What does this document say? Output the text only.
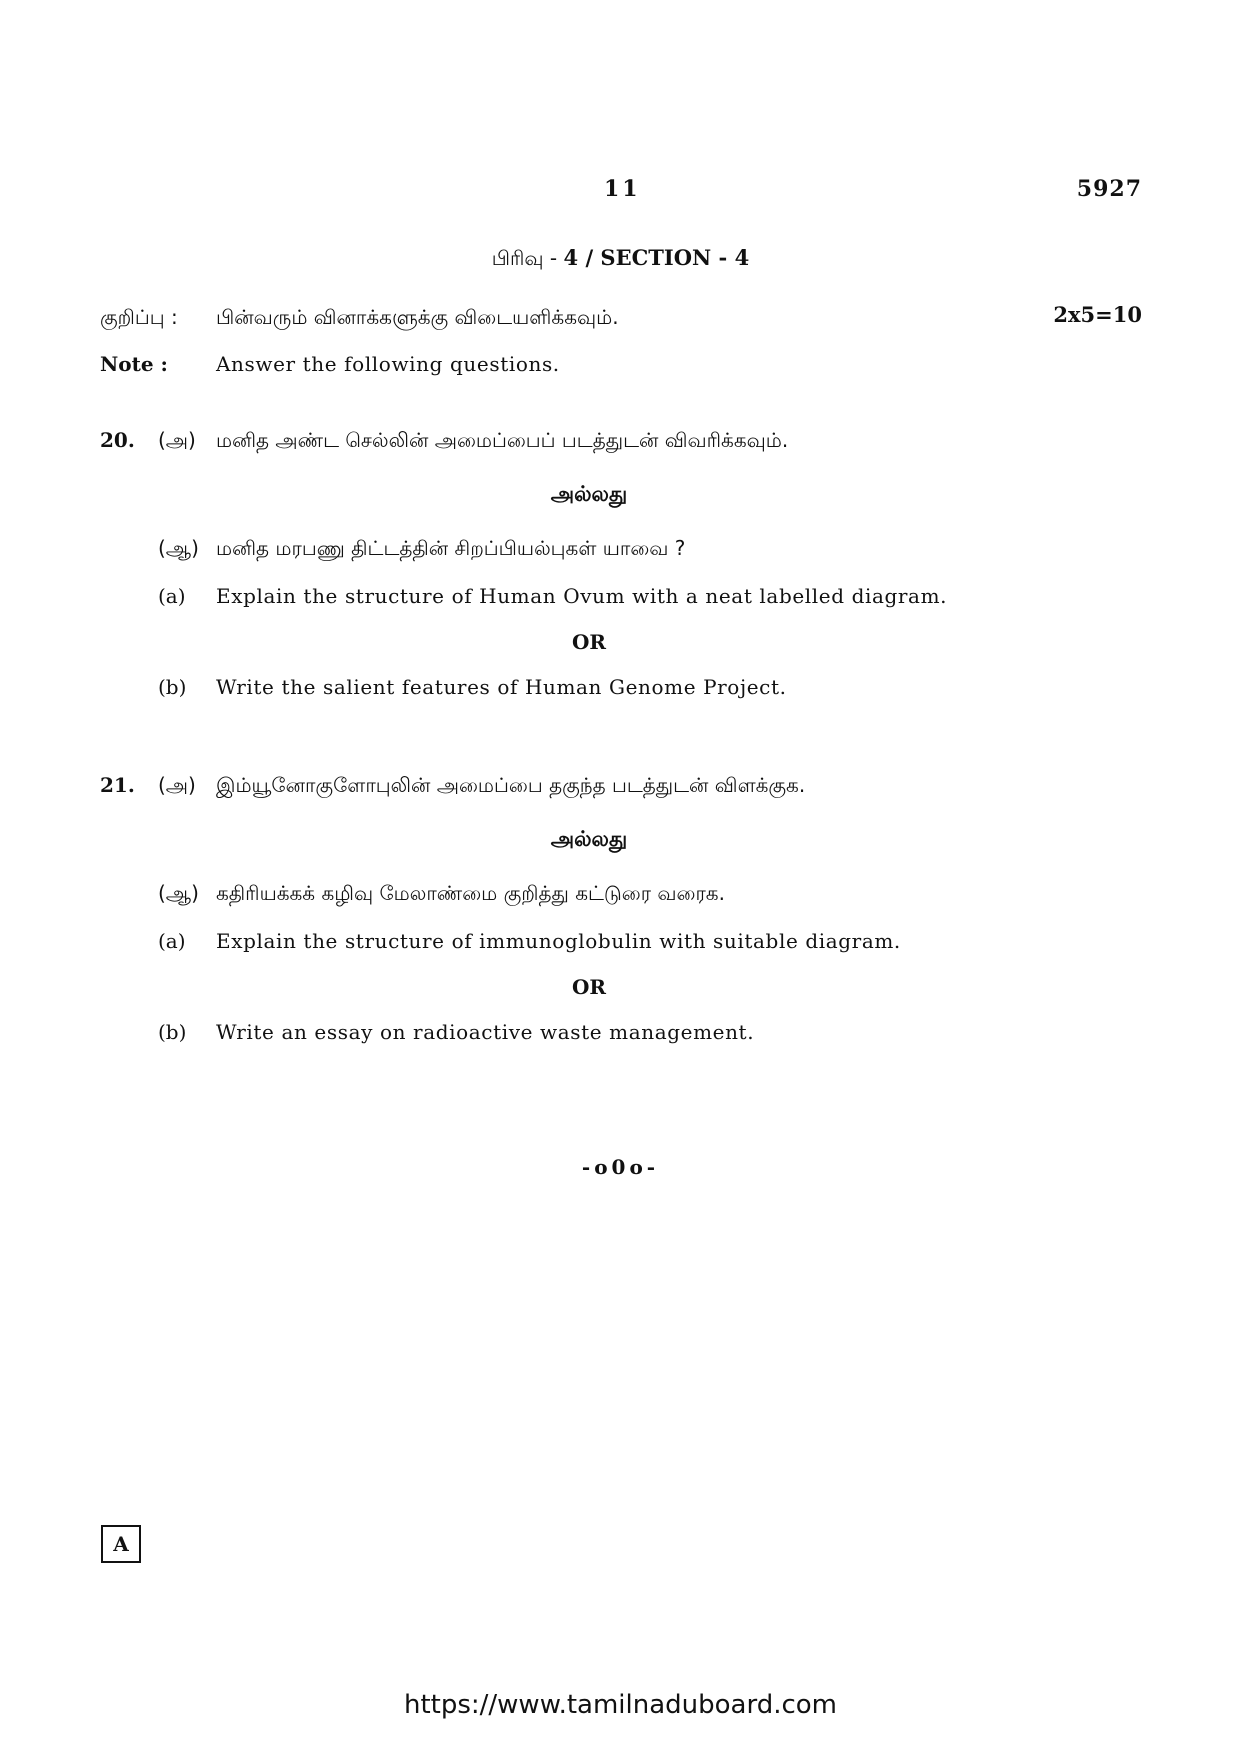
11	5927
பிரிவு - 4 / SECTION - 4
குறிப்பு : பின்வரும் வினாக்களுக்கு விடையளிக்கவும்.	2x5=10
Note : Answer the following questions.
20. (அ) மனித அண்ட செல்லின் அமைப்பைப் படத்துடன் விவரிக்கவும்.
அல்லது
(ஆ) மனித மரபணு திட்டத்தின் சிறப்பியல்புகள் யாவை ?
(a) Explain the structure of Human Ovum with a neat labelled diagram.
OR
(b) Write the salient features of Human Genome Project.
21. (அ) இம்யூனோகுளோபுலின் அமைப்பை தகுந்த படத்துடன் விளக்குக.
அல்லது
(ஆ) கதிரியக்கக் கழிவு மேலாண்மை குறித்து கட்டுரை வரைக.
(a) Explain the structure of immunoglobulin with suitable diagram.
OR
(b) Write an essay on radioactive waste management.
-o0o-
A
https://www.tamilnaduboard.com
